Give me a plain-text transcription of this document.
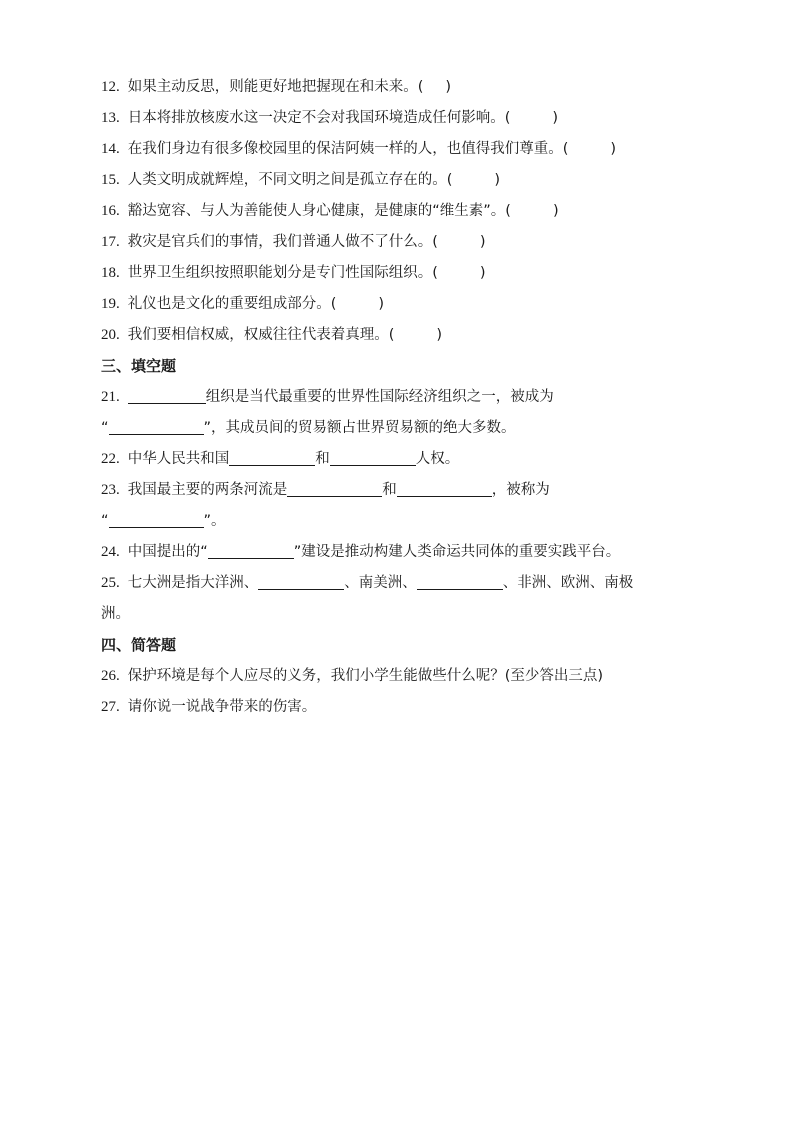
12. 如果主动反思，则能更好地把握现在和未来。( )
13. 日本将排放核废水这一决定不会对我国环境造成任何影响。(	)
14. 在我们身边有很多像校园里的保洁阿姨一样的人，也值得我们尊重。(	)
15. 人类文明成就辉煌，不同文明之间是孤立存在的。(	)
16. 豁达宽容、与人为善能使人身心健康，是健康的“维生素”。(	)
17. 救灾是官兵们的事情，我们普通人做不了什么。(	)
18. 世界卫生组织按照职能划分是专门性国际组织。(	)
19. 礼仪也是文化的重要组成部分。(	)
20. 我们要相信权威，权威往往代表着真理。(	)
三、填空题
21.	组织是当代最重要的世界性国际经济组织之一，被成为
“	”，其成员间的贸易额占世界贸易额的绝大多数。
22. 中华人民共和国	和	人权。
23. 我国最主要的两条河流是	和	，被称为
“	”。
24. 中国提出的“	”建设是推动构建人类命运共同体的重要实践平台。
25. 七大洲是指大洋洲、	、南美洲、	、非洲、欧洲、南极
洲。
四、简答题
26. 保护环境是每个人应尽的义务，我们小学生能做些什么呢？(至少答出三点)
27. 请你说一说战争带来的伤害。
